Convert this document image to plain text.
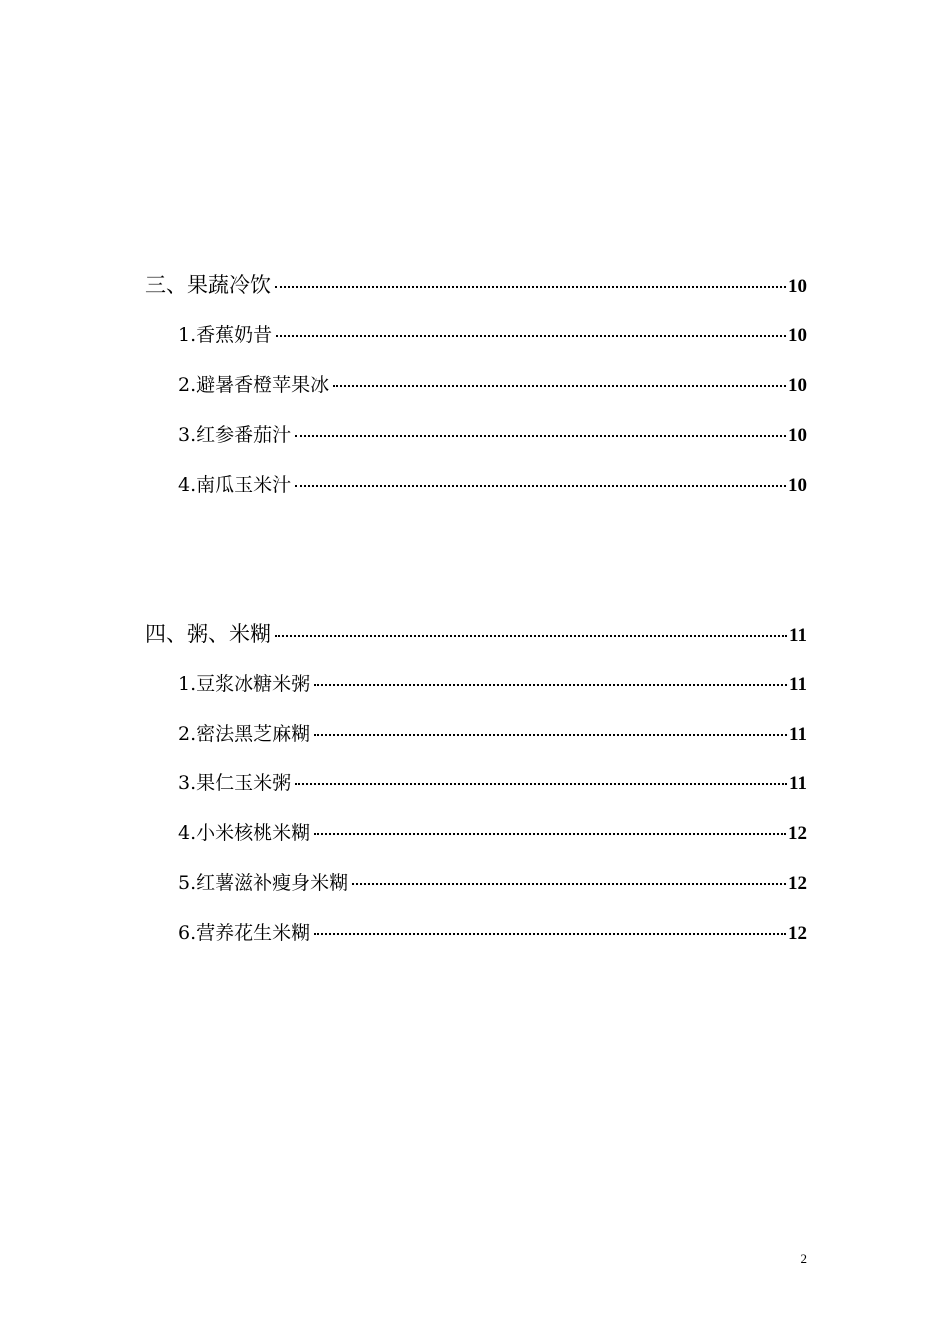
三、果蔬冷饮	10
1.香蕉奶昔	10
2.避暑香橙苹果冰	10
3.红参番茄汁	10
4.南瓜玉米汁	10
四、粥、米糊	11
1.豆浆冰糖米粥	11
2.密法黑芝麻糊	11
3.果仁玉米粥	11
4.小米核桃米糊	12
5.红薯滋补瘦身米糊	12
6.营养花生米糊	12
2
